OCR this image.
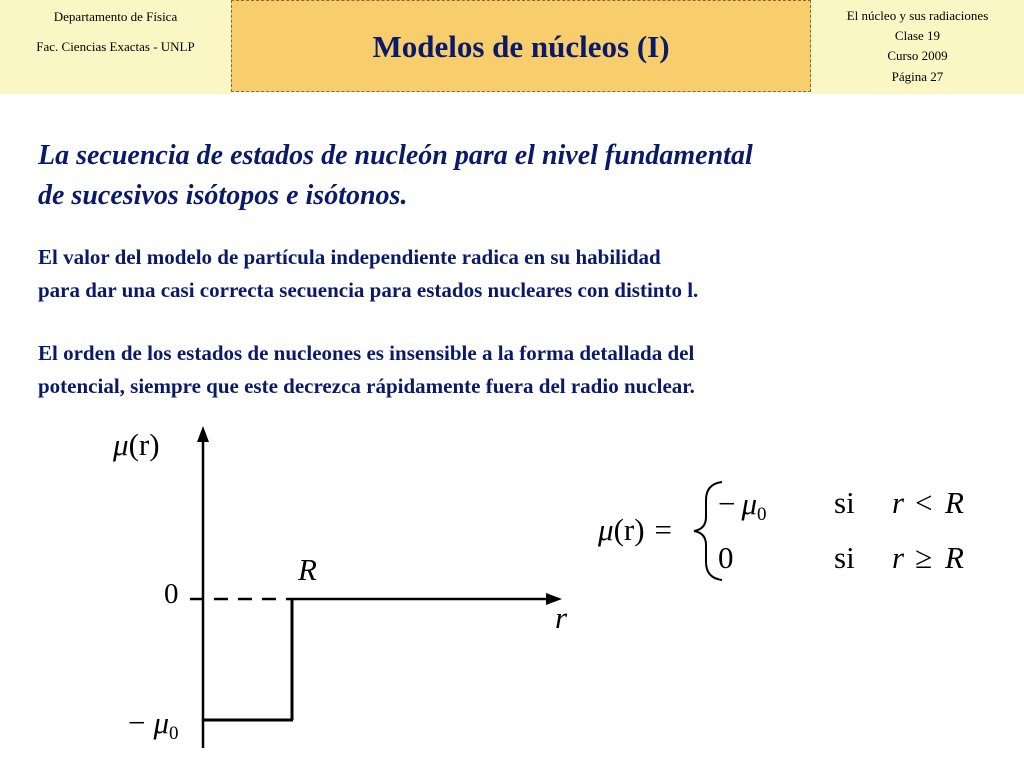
Departamento de Física
Fac. Ciencias Exactas - UNLP	Modelos de núcleos (I)
El núcleo y sus radiaciones
Clase 19
Curso 2009
Página 27
La secuencia de estados de nucleón para el nivel fundamental
de sucesivos isótopos e isótonos.
El valor del modelo de partícula independiente radica en su habilidad
para dar una casi correcta secuencia para estados nucleares con distinto l.
El orden de los estados de nucleones es insensible a la forma detallada del
potencial, siempre que este decrezca rápidamente fuera del radio nuclear.
μ(r)
0
R
r
− μ0
μ(r) =
− μ0 si r < R
0	si r ≥ R
